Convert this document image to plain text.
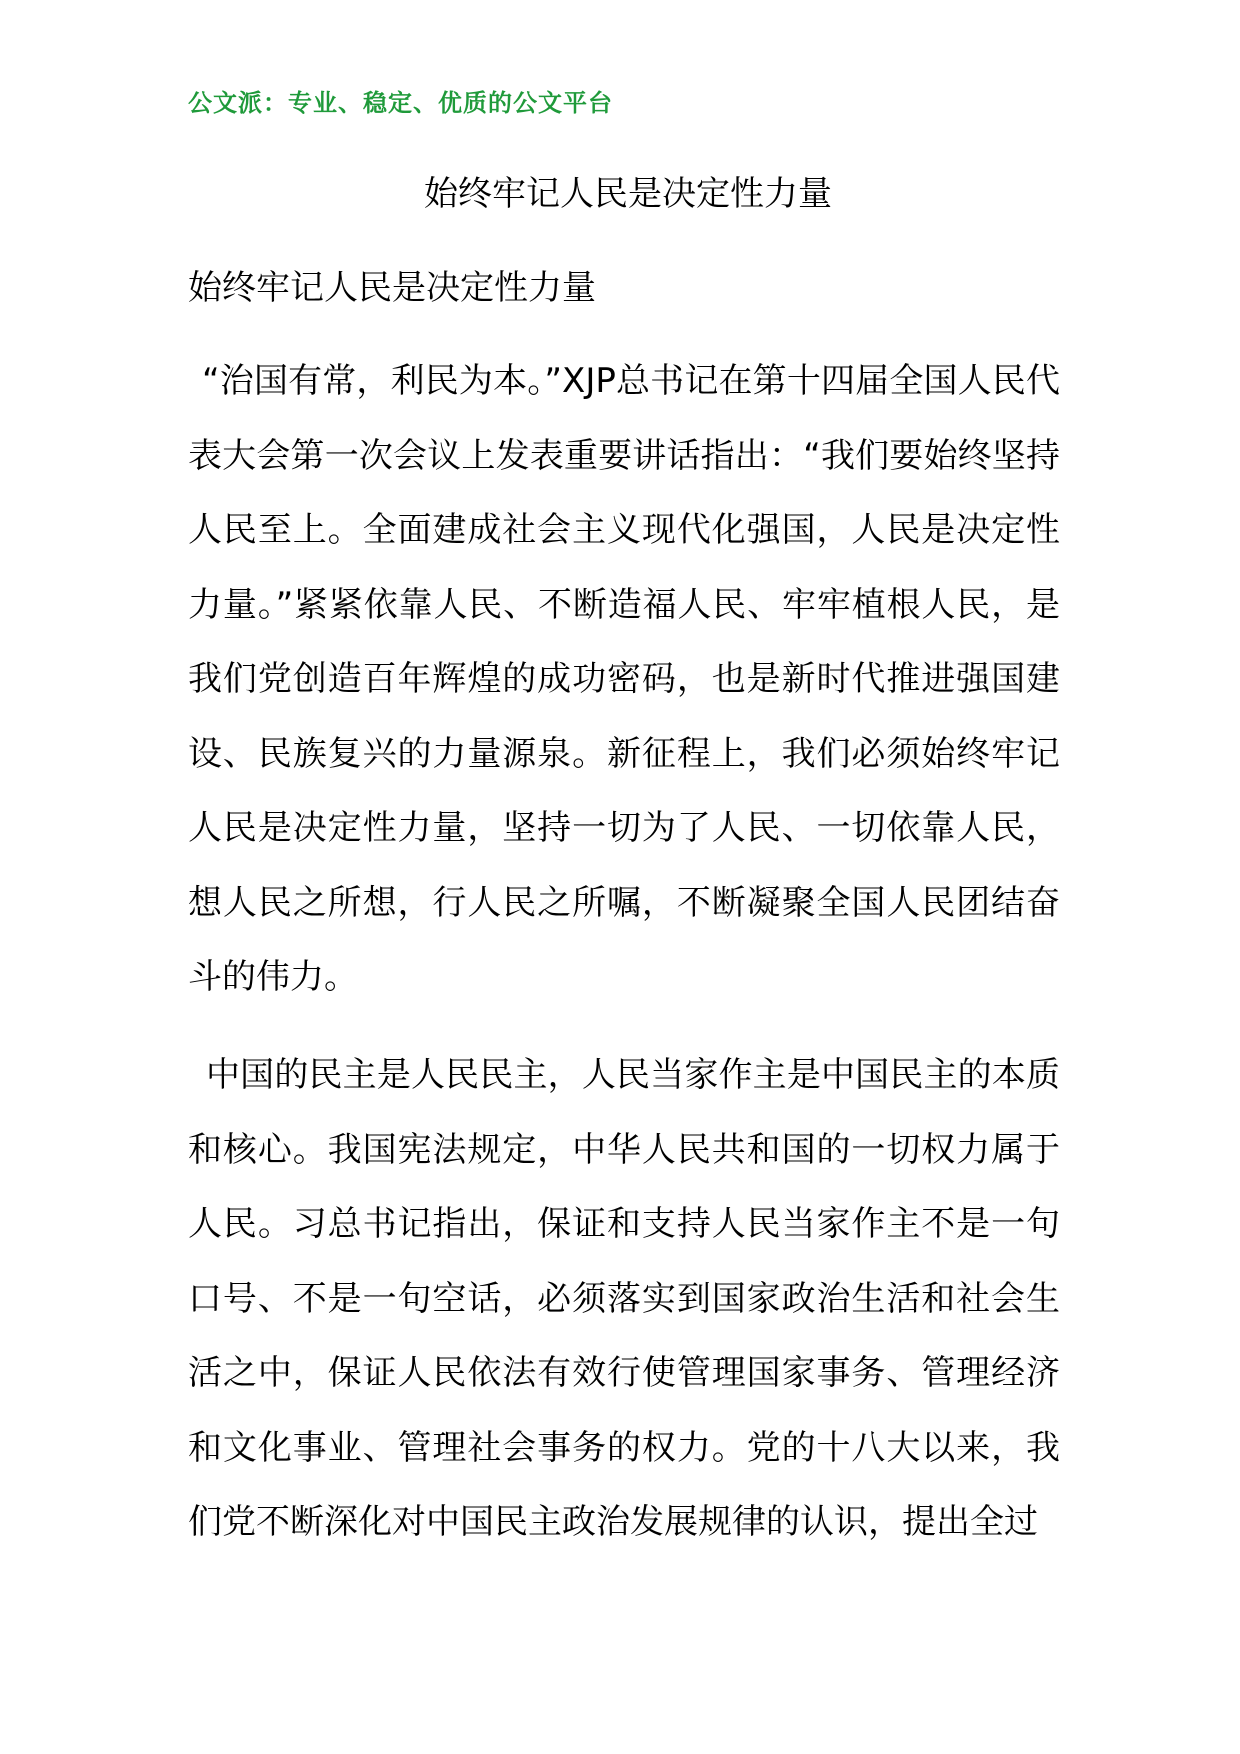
公文派：专业、稳定、优质的公文平台
始终牢记人民是决定性力量
始终牢记人民是决定性力量

“治国有常，利民为本。”XJP总书记在第十四届全国人民代表大会第一次会议上发表重要讲话指出：“我们要始终坚持人民至上。全面建成社会主义现代化强国，人民是决定性力量。”紧紧依靠人民、不断造福人民、牢牢植根人民，是我们党创造百年辉煌的成功密码，也是新时代推进强国建设、民族复兴的力量源泉。新征程上，我们必须始终牢记人民是决定性力量，坚持一切为了人民、一切依靠人民，想人民之所想，行人民之所嘱，不断凝聚全国人民团结奋斗的伟力。

中国的民主是人民民主，人民当家作主是中国民主的本质和核心。我国宪法规定，中华人民共和国的一切权力属于人民。习总书记指出，保证和支持人民当家作主不是一句口号、不是一句空话，必须落实到国家政治生活和社会生活之中，保证人民依法有效行使管理国家事务、管理经济和文化事业、管理社会事务的权力。党的十八大以来，我们党不断深化对中国民主政治发展规律的认识，提出全过
